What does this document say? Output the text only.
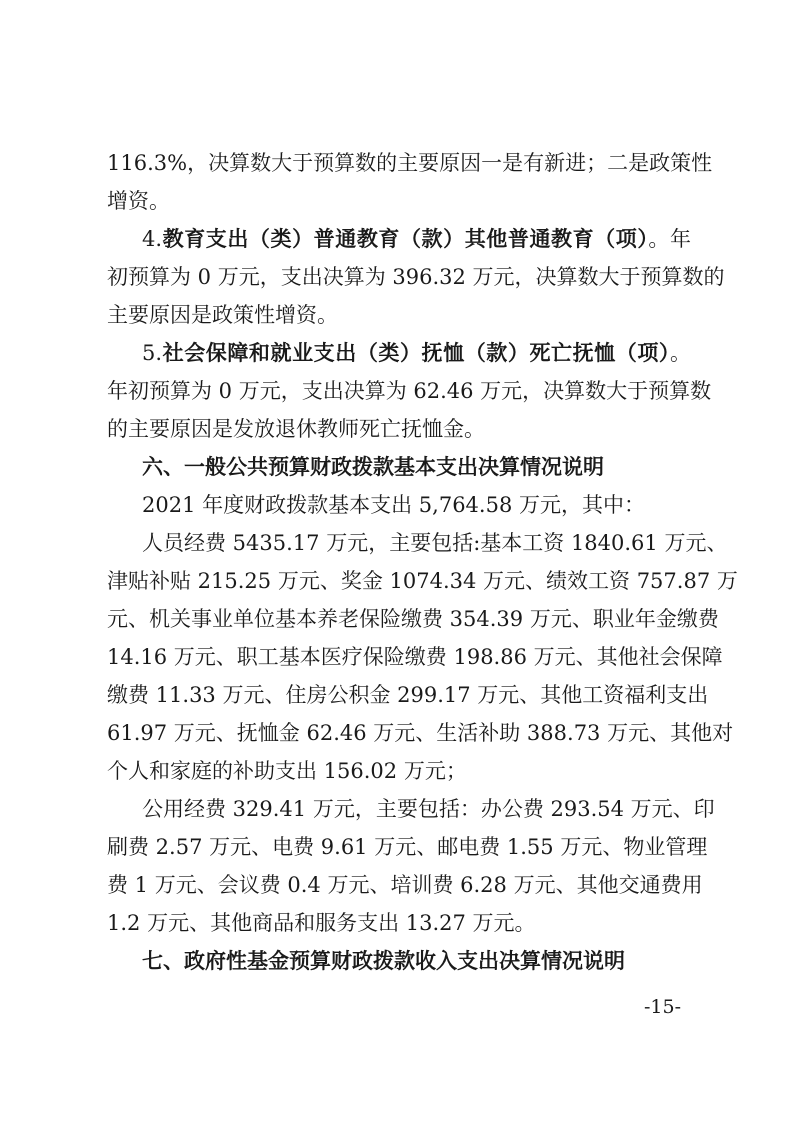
116.3%，决算数大于预算数的主要原因一是有新进；二是政策性
增资。
4.教育支出（类）普通教育（款）其他普通教育（项）。年
初预算为 0 万元，支出决算为 396.32 万元，决算数大于预算数的
主要原因是政策性增资。
5.社会保障和就业支出（类）抚恤（款）死亡抚恤（项）。
年初预算为 0 万元，支出决算为 62.46 万元，决算数大于预算数
的主要原因是发放退休教师死亡抚恤金。
六、一般公共预算财政拨款基本支出决算情况说明
2021 年度财政拨款基本支出 5,764.58 万元，其中：
人员经费 5435.17 万元，主要包括:基本工资 1840.61 万元、
津贴补贴 215.25 万元、奖金 1074.34 万元、绩效工资 757.87 万
元、机关事业单位基本养老保险缴费 354.39 万元、职业年金缴费
14.16 万元、职工基本医疗保险缴费 198.86 万元、其他社会保障
缴费 11.33 万元、住房公积金 299.17 万元、其他工资福利支出
61.97 万元、抚恤金 62.46 万元、生活补助 388.73 万元、其他对
个人和家庭的补助支出 156.02 万元；
公用经费 329.41 万元，主要包括：办公费 293.54 万元、印
刷费 2.57 万元、电费 9.61 万元、邮电费 1.55 万元、物业管理
费 1 万元、会议费 0.4 万元、培训费 6.28 万元、其他交通费用
1.2 万元、其他商品和服务支出 13.27 万元。
七、政府性基金预算财政拨款收入支出决算情况说明
-15-
